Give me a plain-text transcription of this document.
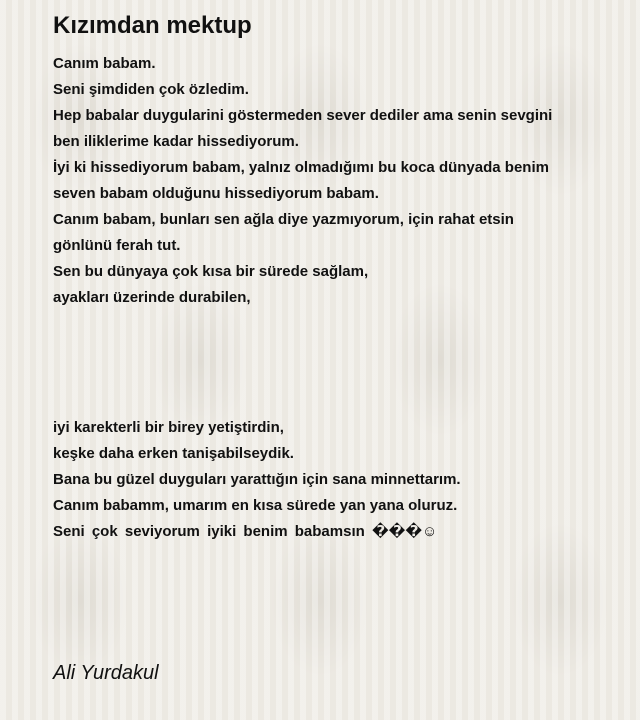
Kızımdan mektup
Canım babam.
Seni şimdiden çok özledim.
Hep babalar duygularini göstermeden sever dediler ama senin sevgini
ben iliklerime kadar hissediyorum.
İyi ki hissediyorum babam, yalnız olmadığımı bu koca dünyada benim
seven babam olduğunu hissediyorum babam.
Canım babam, bunları sen ağla diye yazmıyorum, için rahat etsin
gönlünü ferah tut.
Sen bu dünyaya çok kısa bir sürede sağlam,
ayakları üzerinde durabilen,
iyi karekterli bir birey yetiştirdin,
keşke daha erken tanişabilseydik.
Bana bu güzel duyguları yarattığın için sana minnettarım.
Canım babamm, umarım en kısa sürede yan yana oluruz.
Seni çok seviyorum iyiki benim babamsın ���☺

Ali Yurdakul
